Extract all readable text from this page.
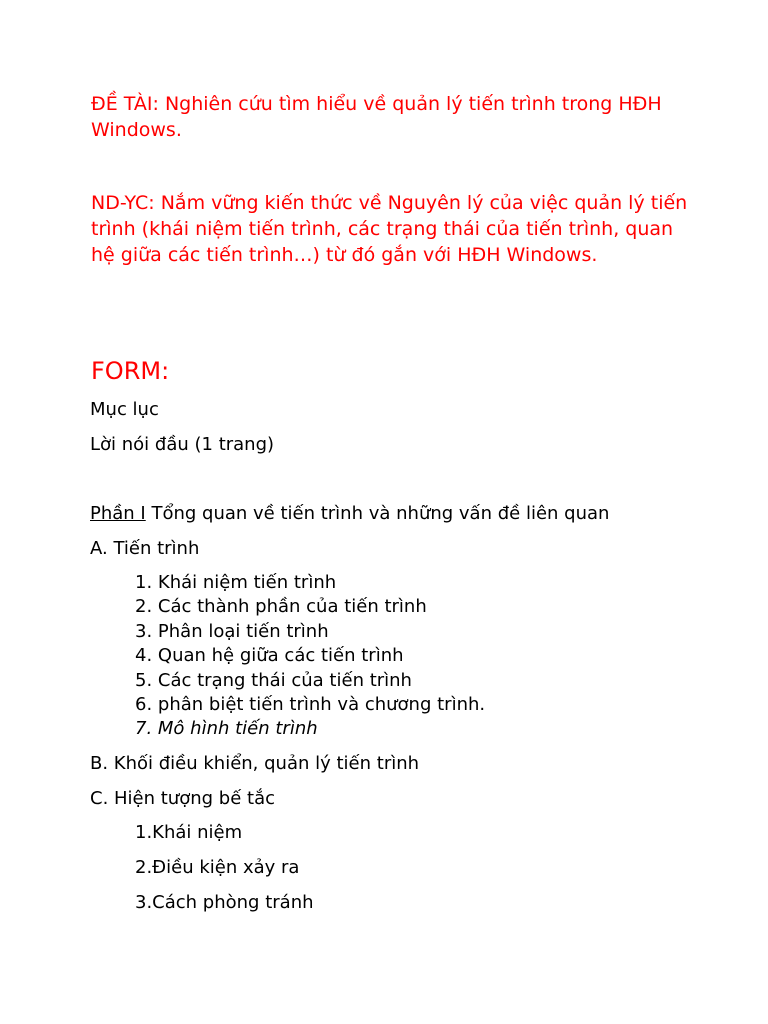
ĐỀ TÀI: Nghiên cứu tìm hiểu về quản lý tiến trình trong HĐH Windows.

ND-YC: Nắm vững kiến thức về Nguyên lý của việc quản lý tiến trình (khái niệm tiến trình, các trạng thái của tiến trình, quan hệ giữa các tiến trình…) từ đó gắn với HĐH Windows.

FORM:

Mục lục

Lời nói đầu (1 trang)

Phần I Tổng quan về tiến trình và những vấn đề liên quan

A. Tiến trình

1. Khái niệm tiến trình
2. Các thành phần của tiến trình
3. Phân loại tiến trình
4. Quan hệ giữa các tiến trình
5. Các trạng thái của tiến trình
6. phân biệt tiến trình và chương trình.
7. Mô hình tiến trình

B. Khối điều khiển, quản lý tiến trình

C. Hiện tượng bế tắc

1.Khái niệm

2.Điều kiện xảy ra

3.Cách phòng tránh
